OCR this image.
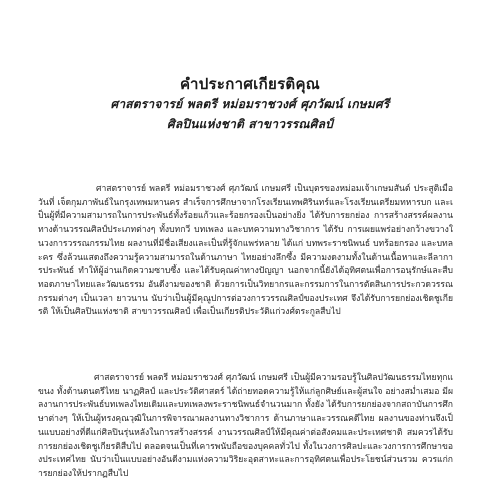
คำประกาศเกียรติคุณ
ศาสตราจารย์ พลตรี หม่อมราชวงศ์ ศุภวัฒน์ เกษมศรี
ศิลปินแห่งชาติ สาขาวรรณศิลป์
ศาสตราจารย์ พลตรี หม่อมราชวงศ์ ศุภวัฒน์ เกษมศรี เป็นบุตรของหม่อมเจ้าเกษมสันต์ ประสูติเมื่อวันที่ เจ็ดกุมภาพันธ์ในกรุงเทพมหานคร สำเร็จการศึกษาจากโรงเรียนเทพศิรินทร์และโรงเรียนเตรียมทหารบก และเป็นผู้ที่มีความสามารถในการประพันธ์ทั้งร้อยแก้วและร้อยกรองเป็นอย่างยิ่ง ได้รับการยกย่อง การสร้างสรรค์ผลงานทางด้านวรรณศิลป์ประเภทต่างๆ ทั้งบทกวี บทเพลง และบทความทางวิชาการ ได้รับ การเผยแพร่อย่างกว้างขวางในวงการวรรณกรรมไทย ผลงานที่มีชื่อเสียงและเป็นที่รู้จักแพร่หลาย ได้แก่ บทพระราชนิพนธ์ บทร้อยกรอง และบทละคร ซึ่งล้วนแสดงถึงความรู้ความสามารถในด้านภาษา ไทยอย่างลึกซึ้ง มีความงดงามทั้งในด้านเนื้อหาและลีลาการประพันธ์ ทำให้ผู้อ่านเกิดความซาบซึ้ง และได้รับคุณค่าทางปัญญา นอกจากนี้ยังได้อุทิศตนเพื่อการอนุรักษ์และสืบทอดภาษาไทยและวัฒนธรรม อันดีงามของชาติ ด้วยการเป็นวิทยากรและกรรมการในการตัดสินการประกวดวรรณกรรมต่างๆ เป็นเวลา ยาวนาน นับว่าเป็นผู้มีคุณูปการต่อวงการวรรณศิลป์ของประเทศ จึงได้รับการยกย่องเชิดชูเกียรติ ให้เป็นศิลปินแห่งชาติ สาขาวรรณศิลป์ เพื่อเป็นเกียรติประวัติแก่วงศ์ตระกูลสืบไป
ศาสตราจารย์ พลตรี หม่อมราชวงศ์ ศุภวัฒน์ เกษมศรี เป็นผู้มีความรอบรู้ในศิลปวัฒนธรรมไทยทุกแขนง ทั้งด้านดนตรีไทย นาฏศิลป์ และประวัติศาสตร์ ได้ถ่ายทอดความรู้ให้แก่ลูกศิษย์และผู้สนใจ อย่างสม่ำเสมอ มีผลงานการประพันธ์บทเพลงไทยเดิมและบทเพลงพระราชนิพนธ์จำนวนมาก ทั้งยัง ได้รับการยกย่องจากสถาบันการศึกษาต่างๆ ให้เป็นผู้ทรงคุณวุฒิในการพิจารณาผลงานทางวิชาการ ด้านภาษาและวรรณคดีไทย ผลงานของท่านจึงเป็นแบบอย่างที่ดีแก่ศิลปินรุ่นหลังในการสร้างสรรค์ งานวรรณศิลป์ให้มีคุณค่าต่อสังคมและประเทศชาติ สมควรได้รับการยกย่องเชิดชูเกียรติสืบไป ตลอดจนเป็นที่เคารพนับถือของบุคคลทั่วไป ทั้งในวงการศิลปะและวงการการศึกษาของประเทศไทย นับว่าเป็นแบบอย่างอันดีงามแห่งความวิริยะอุตสาหะและการอุทิศตนเพื่อประโยชน์ส่วนรวม ควรแก่การยกย่องให้ปรากฏสืบไป
